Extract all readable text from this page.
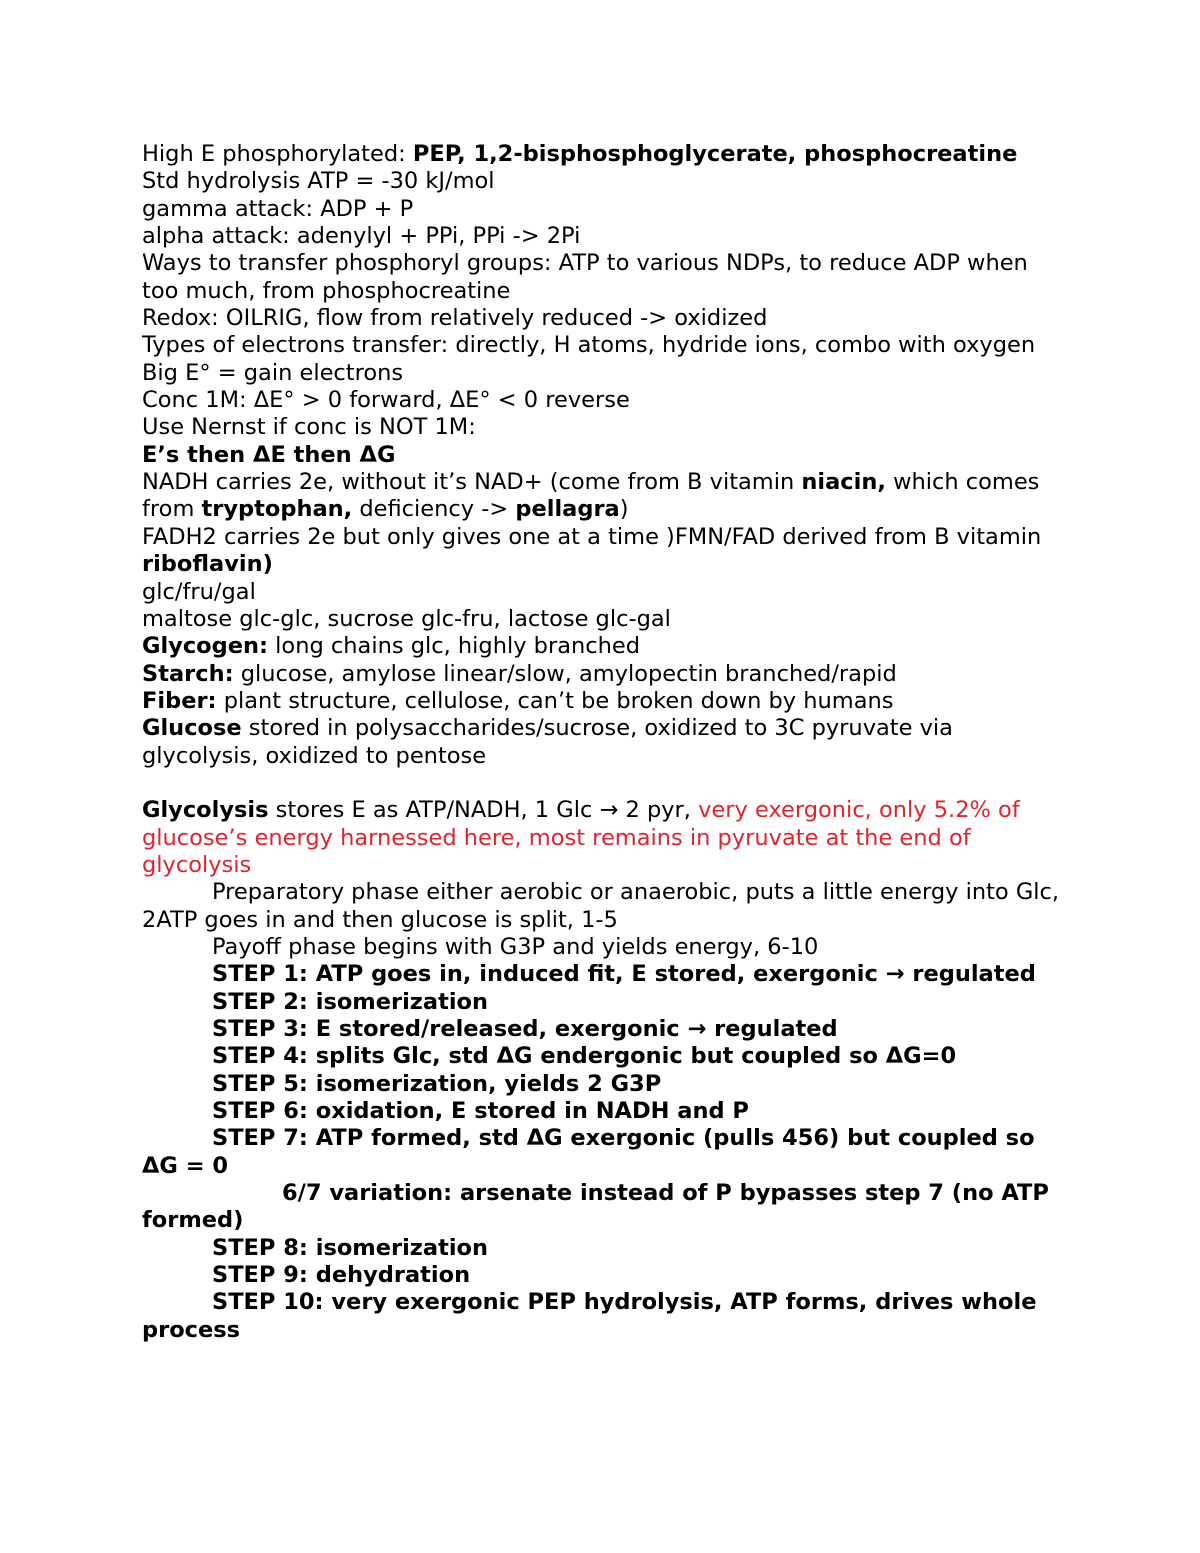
High E phosphorylated: PEP, 1,2-bisphosphoglycerate, phosphocreatine

Std hydrolysis ATP = -30 kJ/mol

gamma attack: ADP + P

alpha attack: adenylyl + PPi, PPi -> 2Pi

Ways to transfer phosphoryl groups: ATP to various NDPs, to reduce ADP when too much, from phosphocreatine

Redox: OILRIG, flow from relatively reduced -> oxidized

Types of electrons transfer: directly, H atoms, hydride ions, combo with oxygen

Big E° = gain electrons

Conc 1M: ΔE° > 0 forward, ΔE° < 0 reverse

Use Nernst if conc is NOT 1M:

E’s then ΔE then ΔG

NADH carries 2e, without it’s NAD+ (come from B vitamin niacin, which comes from tryptophan, deficiency -> pellagra)

FADH2 carries 2e but only gives one at a time )FMN/FAD derived from B vitamin riboflavin)

glc/fru/gal

maltose glc-glc, sucrose glc-fru, lactose glc-gal

Glycogen: long chains glc, highly branched

Starch: glucose, amylose linear/slow, amylopectin branched/rapid

Fiber: plant structure, cellulose, can’t be broken down by humans

Glucose stored in polysaccharides/sucrose, oxidized to 3C pyruvate via glycolysis, oxidized to pentose

Glycolysis stores E as ATP/NADH, 1 Glc → 2 pyr, very exergonic, only 5.2% of glucose’s energy harnessed here, most remains in pyruvate at the end of glycolysis

Preparatory phase either aerobic or anaerobic, puts a little energy into Glc, 2ATP goes in and then glucose is split, 1-5

Payoff phase begins with G3P and yields energy, 6-10

STEP 1: ATP goes in, induced fit, E stored, exergonic → regulated

STEP 2: isomerization

STEP 3: E stored/released, exergonic → regulated

STEP 4: splits Glc, std ΔG endergonic but coupled so ΔG=0

STEP 5: isomerization, yields 2 G3P

STEP 6: oxidation, E stored in NADH and P

STEP 7: ATP formed, std ΔG exergonic (pulls 456) but coupled so ΔG = 0

6/7 variation: arsenate instead of P bypasses step 7 (no ATP formed)

STEP 8: isomerization

STEP 9: dehydration

STEP 10: very exergonic PEP hydrolysis, ATP forms, drives whole process
